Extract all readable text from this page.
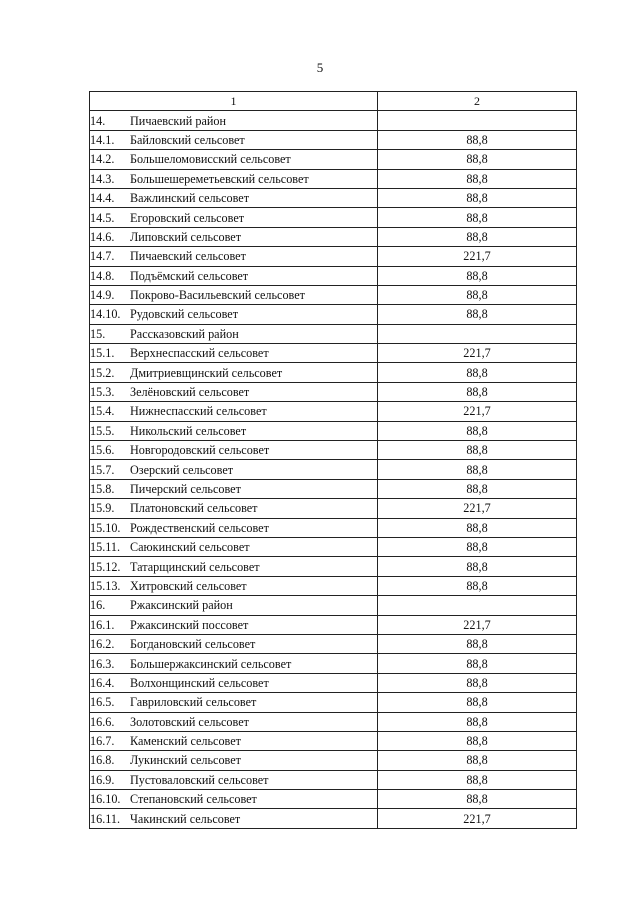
5
1	2
14. Пичаевский район	
14.1. Байловский сельсовет	88,8
14.2. Большеломовисский сельсовет	88,8
14.3. Большешереметьевский сельсовет	88,8
14.4. Важлинский сельсовет	88,8
14.5. Егоровский сельсовет	88,8
14.6. Липовский сельсовет	88,8
14.7. Пичаевский сельсовет	221,7
14.8. Подъёмский сельсовет	88,8
14.9. Покрово-Васильевский сельсовет	88,8
14.10. Рудовский сельсовет	88,8
15. Рассказовский район	
15.1. Верхнеспасский сельсовет	221,7
15.2. Дмитриевщинский сельсовет	88,8
15.3. Зелёновский сельсовет	88,8
15.4. Нижнеспасский сельсовет	221,7
15.5. Никольский сельсовет	88,8
15.6. Новгородовский сельсовет	88,8
15.7. Озерский сельсовет	88,8
15.8. Пичерский сельсовет	88,8
15.9. Платоновский сельсовет	221,7
15.10. Рождественский сельсовет	88,8
15.11. Саюкинский сельсовет	88,8
15.12. Татарщинский сельсовет	88,8
15.13. Хитровский сельсовет	88,8
16. Ржаксинский район	
16.1. Ржаксинский поссовет	221,7
16.2. Богдановский сельсовет	88,8
16.3. Большержаксинский сельсовет	88,8
16.4. Волхонщинский сельсовет	88,8
16.5. Гавриловский сельсовет	88,8
16.6. Золотовский сельсовет	88,8
16.7. Каменский сельсовет	88,8
16.8. Лукинский сельсовет	88,8
16.9. Пустоваловский сельсовет	88,8
16.10. Степановский сельсовет	88,8
16.11. Чакинский сельсовет	221,7
